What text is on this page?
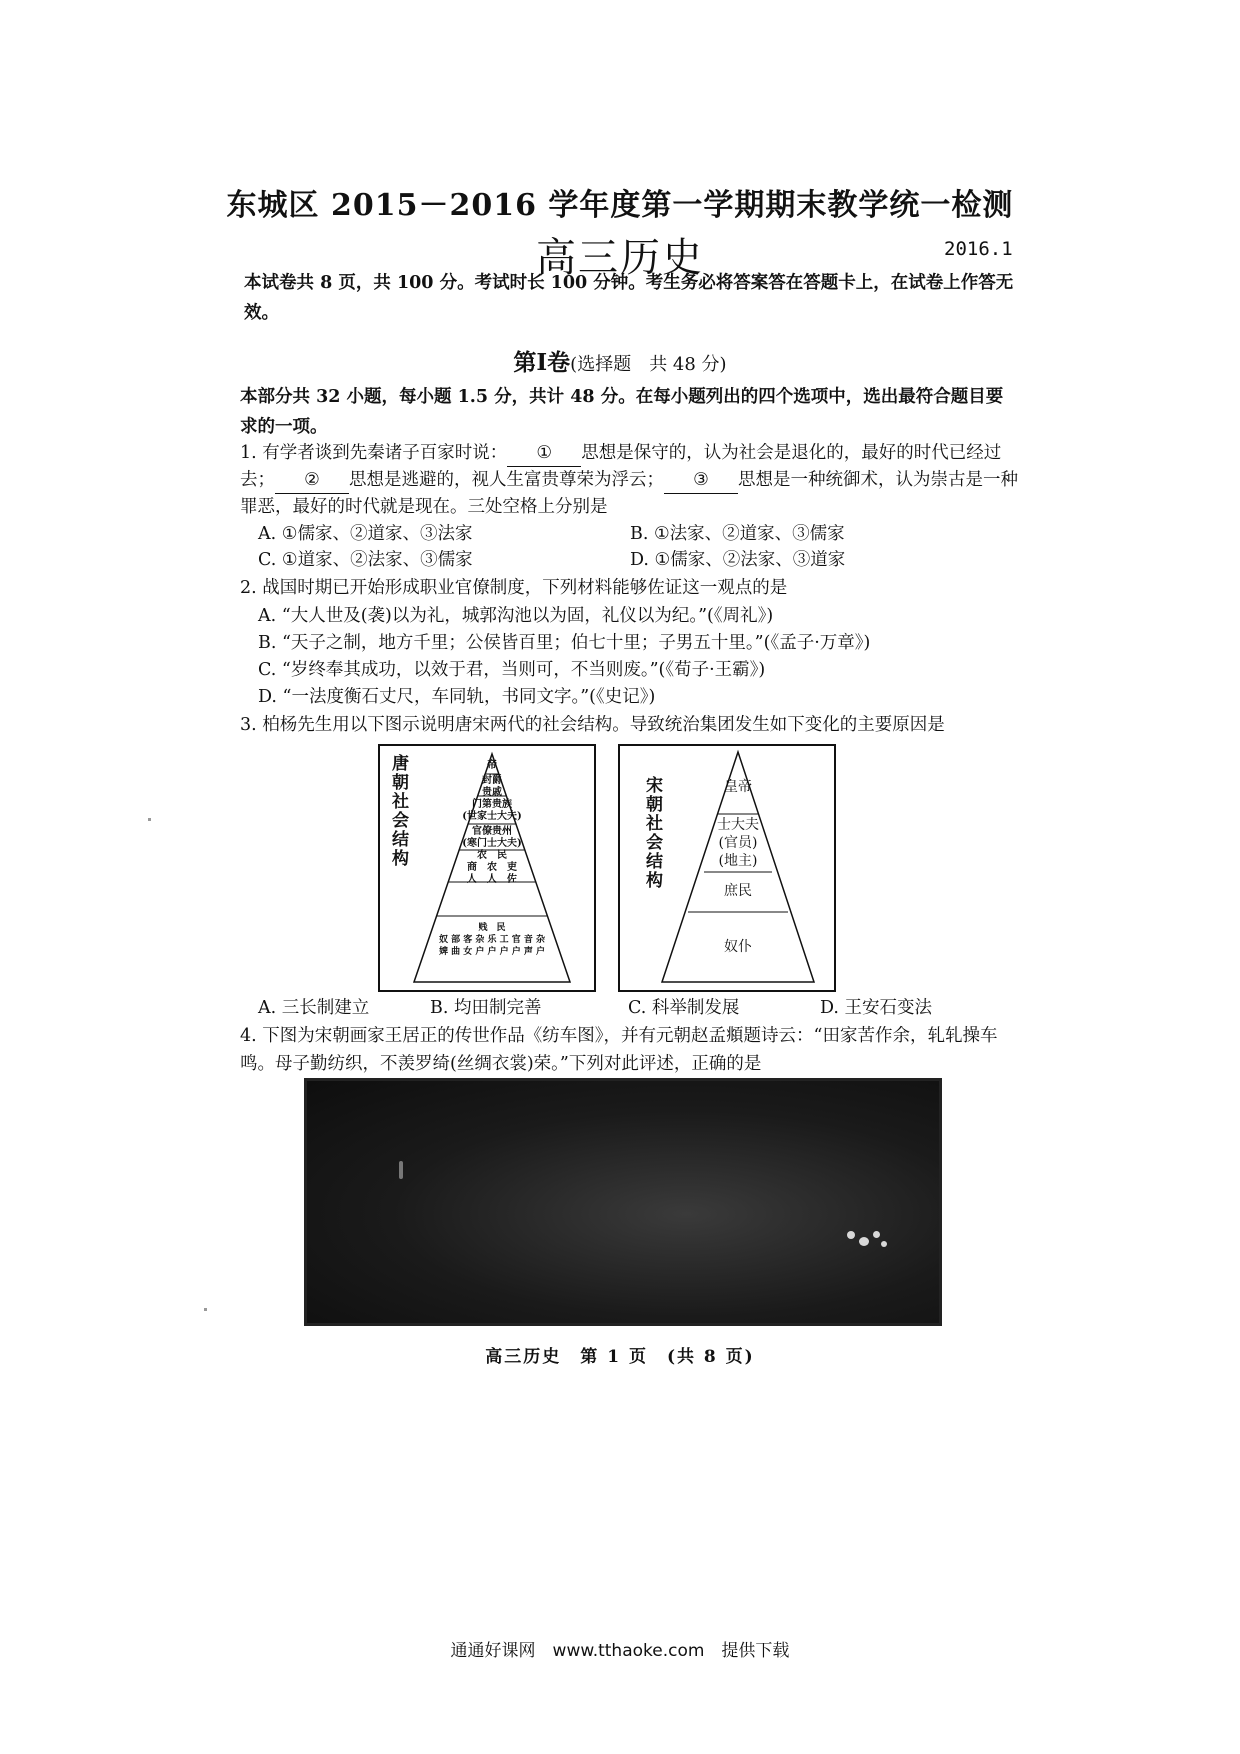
东城区 2015－2016 学年度第一学期期末教学统一检测
高三历史	2016.1
本试卷共 8 页，共 100 分。考试时长 100 分钟。考生务必将答案答在答题卡上，在试卷上作答无效。
第Ⅰ卷(选择题　共 48 分)
本部分共 32 小题，每小题 1.5 分，共计 48 分。在每小题列出的四个选项中，选出最符合题目要求的一项。
1. 有学者谈到先秦诸子百家时说： ① 思想是保守的，认为社会是退化的，最好的时代已经过去； ② 思想是逃避的，视人生富贵尊荣为浮云； ③ 思想是一种统御术，认为崇古是一种罪恶，最好的时代就是现在。三处空格上分别是
A. ①儒家、②道家、③法家	B. ①法家、②道家、③儒家
C. ①道家、②法家、③儒家	D. ①儒家、②法家、③道家
2. 战国时期已开始形成职业官僚制度，下列材料能够佐证这一观点的是
A. “大人世及(袭)以为礼，城郭沟池以为固，礼仪以为纪。”(《周礼》)
B. “天子之制，地方千里；公侯皆百里；伯七十里；子男五十里。”(《孟子·万章》)
C. “岁终奉其成功，以效于君，当则可，不当则废。”(《荀子·王霸》)
D. “一法度衡石丈尺，车同轨，书同文字。”(《史记》)
3. 柏杨先生用以下图示说明唐宋两代的社会结构。导致统治集团发生如下变化的主要原因是
唐朝社会结构	帝
封爵
贵戚
门第贵族
(世家士大夫)
官僚贵州
(寒门士大夫)
农　民
商　农　吏
人　人　佐
贱　民
奴 部 客 杂 乐 工 官 音 杂
婢 曲 女 户 户 户 户 声 户
宋朝社会结构	皇帝
士大夫
(官员)
(地主)
庶民
奴仆
A. 三长制建立	B. 均田制完善	C. 科举制发展	D. 王安石变法
4. 下图为宋朝画家王居正的传世作品《纺车图》，并有元朝赵孟頫题诗云：“田家苦作余，轧轧操车鸣。母子勤纺织，不羡罗绮(丝绸衣裳)荣。”下列对此评述，正确的是
高三历史　第 1 页　(共 8 页)
通通好课网　www.tthaoke.com　提供下载
